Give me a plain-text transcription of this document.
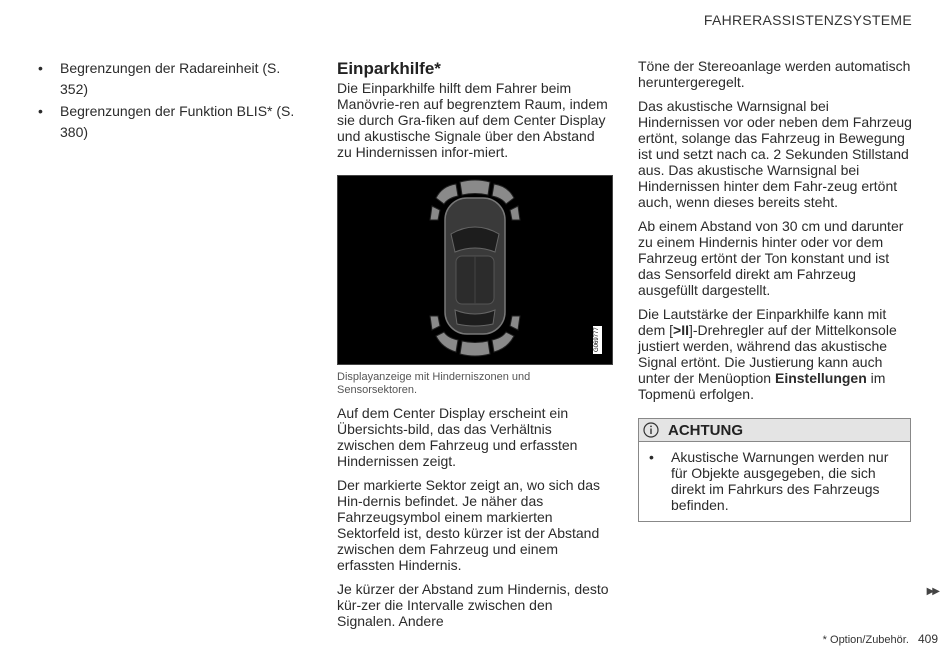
FAHRERASSISTENZSYSTEME
• Begrenzungen der Radareinheit (S. 352)
• Begrenzungen der Funktion BLIS* (S. 380)
Einparkhilfe*

Die Einparkhilfe hilft dem Fahrer beim Manövrie-ren auf begrenztem Raum, indem sie durch Gra-fiken auf dem Center Display und akustische Signale über den Abstand zu Hindernissen infor-miert.

G069777
Displayanzeige mit Hinderniszonen und Sensorsektoren.

Auf dem Center Display erscheint ein Übersichts-bild, das das Verhältnis zwischen dem Fahrzeug und erfassten Hindernissen zeigt.

Der markierte Sektor zeigt an, wo sich das Hin-dernis befindet. Je näher das Fahrzeugsymbol einem markierten Sektorfeld ist, desto kürzer ist der Abstand zwischen dem Fahrzeug und einem erfassten Hindernis.

Je kürzer der Abstand zum Hindernis, desto kür-zer die Intervalle zwischen den Signalen. Andere

Töne der Stereoanlage werden automatisch heruntergeregelt.

Das akustische Warnsignal bei Hindernissen vor oder neben dem Fahrzeug ertönt, solange das Fahrzeug in Bewegung ist und setzt nach ca. 2 Sekunden Stillstand aus. Das akustische Warnsignal bei Hindernissen hinter dem Fahr-zeug ertönt auch, wenn dieses bereits steht.

Ab einem Abstand von 30 cm und darunter zu einem Hindernis hinter oder vor dem Fahrzeug ertönt der Ton konstant und ist das Sensorfeld direkt am Fahrzeug ausgefüllt dargestellt.

Die Lautstärke der Einparkhilfe kann mit dem [>II]-Drehregler auf der Mittelkonsole justiert werden, während das akustische Signal ertönt. Die Justierung kann auch unter der Menüoption Einstellungen im Topmenü erfolgen.

ACHTUNG
• Akustische Warnungen werden nur für Objekte ausgegeben, die sich direkt im Fahrkurs des Fahrzeugs befinden.
▶▶
* Option/Zubehör. 409
